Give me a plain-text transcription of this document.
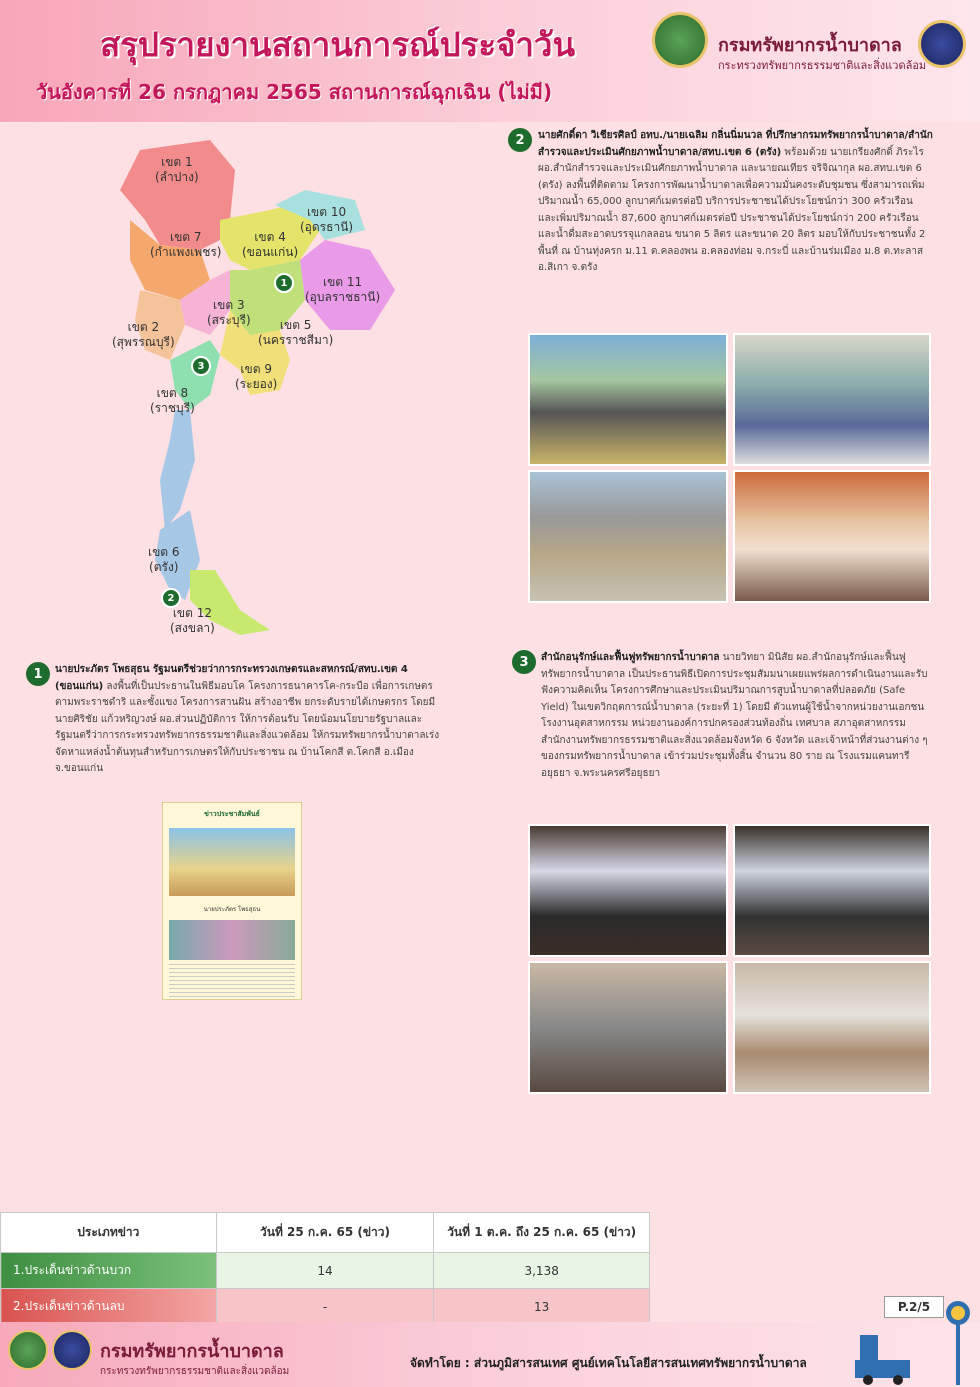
สรุปรายงานสถานการณ์ประจำวัน
วันอังคารที่ 26 กรกฎาคม 2565 สถานการณ์ฉุกเฉิน (ไม่มี)
กรมทรัพยากรน้ำบาดาล
กระทรวงทรัพยากรธรรมชาติและสิ่งแวดล้อม
เขต 1
(ลำปาง)
เขต 7
(กำแพงเพชร)
เขต 4
(ขอนแก่น)
เขต 10
(อุดรธานี)
เขต 11
(อุบลราชธานี)
เขต 3
(สระบุรี)
เขต 2
(สุพรรณบุรี)
เขต 5
(นครราชสีมา)
เขต 9
(ระยอง)
เขต 8
(ราชบุรี)
เขต 6
(ตรัง)
เขต 12
(สงขลา)
1
3
2
2	นายศักดิ์ดา วิเชียรศิลป์ อทบ./นายเฉลิม กลิ่นนิ่มนวล ที่ปรึกษากรมทรัพยากรน้ำบาดาล/สำนักสำรวจและประเมินศักยภาพน้ำบาดาล/สทบ.เขต 6 (ตรัง) พร้อมด้วย นายเกรียงศักดิ์ ภิระไร ผอ.สำนักสำรวจและประเมินศักยภาพน้ำบาดาล และนายณเทียร จริจิณากุล ผอ.สทบ.เขต 6 (ตรัง) ลงพื้นที่ติดตาม โครงการพัฒนาน้ำบาดาลเพื่อความมั่นคงระดับชุมชน ซึ่งสามารถเพิ่มปริมาณน้ำ 65,000 ลูกบาศก์เมตรต่อปี บริการประชาชนได้ประโยชน์กว่า 300 ครัวเรือน และเพิ่มปริมาณน้ำ 87,600 ลูกบาศก์เมตรต่อปี ประชาชนได้ประโยชน์กว่า 200 ครัวเรือน และน้ำดื่มสะอาดบรรจุแกลลอน ขนาด 5 ลิตร และขนาด 20 ลิตร มอบให้กับประชาชนทั้ง 2 พื้นที่ ณ บ้านทุ่งครก ม.11 ต.คลองพน อ.คลองท่อม จ.กระบี่ และบ้านร่มเมือง ม.8 ต.ทะลาส อ.สิเกา จ.ตรัง
1	นายประภัตร โพธสุธน รัฐมนตรีช่วยว่าการกระทรวงเกษตรและสหกรณ์/สทบ.เขต 4 (ขอนแก่น) ลงพื้นที่เป็นประธานในพิธีมอบโค โครงการธนาคารโค-กระบือ เพื่อการเกษตรตามพระราชดำริ และซั้งแขง โครงการสานฝัน สร้างอาชีพ ยกระดับรายได้เกษตรกร โดยมี นายศิริชัย แก้วหริญวงษ์ ผอ.ส่วนปฏิบัติการ ให้การต้อนรับ โดยน้อมนโยบายรัฐบาลและรัฐมนตรีว่าการกระทรวงทรัพยากรธรรมชาติและสิ่งแวดล้อม ให้กรมทรัพยากรน้ำบาดาลเร่งจัดหาแหล่งน้ำต้นทุนสำหรับการเกษตรให้กับประชาชน ณ บ้านโคกสี ต.โคกสี อ.เมือง จ.ขอนแก่น
ข่าวประชาสัมพันธ์
นายประภัตร โพธสุธน
3	สำนักอนุรักษ์และฟื้นฟูทรัพยากรน้ำบาดาล นายวิทยา มินิสัย ผอ.สำนักอนุรักษ์และฟื้นฟูทรัพยากรน้ำบาดาล เป็นประธานพิธีเปิดการประชุมสัมมนาเผยแพร่ผลการดำเนินงานและรับฟังความคิดเห็น โครงการศึกษาและประเมินปริมาณการสูบน้ำบาดาลที่ปลอดภัย (Safe Yield) ในเขตวิกฤตการณ์น้ำบาดาล (ระยะที่ 1) โดยมี ตัวแทนผู้ใช้น้ำจากหน่วยงานเอกชน โรงงานอุตสาหกรรม หน่วยงานองค์การปกครองส่วนท้องถิ่น เทศบาล สภาอุตสาหกรรม สำนักงานทรัพยากรธรรมชาติและสิ่งแวดล้อมจังหวัด 6 จังหวัด และเจ้าหน้าที่ส่วนงานต่าง ๆ ของกรมทรัพยากรน้ำบาดาล เข้าร่วมประชุมทั้งสิ้น จำนวน 80 ราย ณ โรงแรมแคนทารี อยุธยา จ.พระนครศรีอยุธยา
ประเภทข่าว	วันที่ 25 ก.ค. 65 (ข่าว)	วันที่ 1 ต.ค. ถึง 25 ก.ค. 65 (ข่าว)
1.ประเด็นข่าวด้านบวก	14	3,138
2.ประเด็นข่าวด้านลบ	-	13	P.2/5
กรมทรัพยากรน้ำบาดาล
กระทรวงทรัพยากรธรรมชาติและสิ่งแวดล้อม
จัดทำโดย : ส่วนภูมิสารสนเทศ ศูนย์เทคโนโลยีสารสนเทศทรัพยากรน้ำบาดาล
